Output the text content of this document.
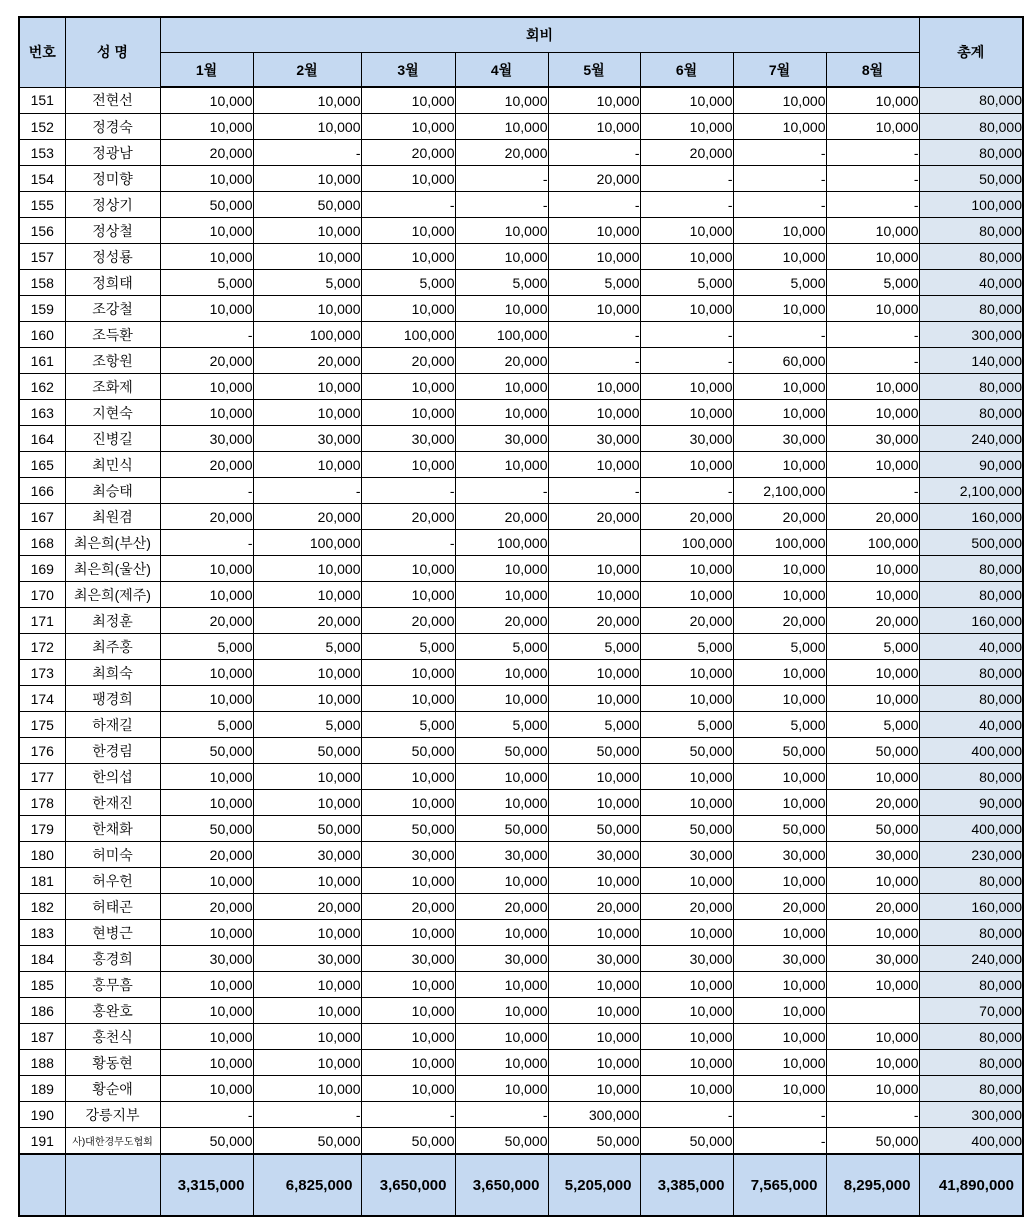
번호	성 명	회비								총계
		1월	2월	3월	4월	5월	6월	7월	8월	
151	전현선	10,000	10,000	10,000	10,000	10,000	10,000	10,000	10,000	80,000
152	정경숙	10,000	10,000	10,000	10,000	10,000	10,000	10,000	10,000	80,000
153	정광남	20,000	-	20,000	20,000	-	20,000	-	-	80,000
154	정미향	10,000	10,000	10,000	-	20,000	-	-	-	50,000
155	정상기	50,000	50,000	-	-	-	-	-	-	100,000
156	정상철	10,000	10,000	10,000	10,000	10,000	10,000	10,000	10,000	80,000
157	정성룡	10,000	10,000	10,000	10,000	10,000	10,000	10,000	10,000	80,000
158	정희태	5,000	5,000	5,000	5,000	5,000	5,000	5,000	5,000	40,000
159	조강철	10,000	10,000	10,000	10,000	10,000	10,000	10,000	10,000	80,000
160	조득환	-	100,000	100,000	100,000	-	-	-	-	300,000
161	조항원	20,000	20,000	20,000	20,000	-	-	60,000	-	140,000
162	조화제	10,000	10,000	10,000	10,000	10,000	10,000	10,000	10,000	80,000
163	지현숙	10,000	10,000	10,000	10,000	10,000	10,000	10,000	10,000	80,000
164	진병길	30,000	30,000	30,000	30,000	30,000	30,000	30,000	30,000	240,000
165	최민식	20,000	10,000	10,000	10,000	10,000	10,000	10,000	10,000	90,000
166	최승태	-	-	-	-	-	-	2,100,000	-	2,100,000
167	최원겸	20,000	20,000	20,000	20,000	20,000	20,000	20,000	20,000	160,000
168	최은희(부산)	-	100,000	-	100,000		100,000	100,000	100,000	500,000
169	최은희(울산)	10,000	10,000	10,000	10,000	10,000	10,000	10,000	10,000	80,000
170	최은희(제주)	10,000	10,000	10,000	10,000	10,000	10,000	10,000	10,000	80,000
171	최정훈	20,000	20,000	20,000	20,000	20,000	20,000	20,000	20,000	160,000
172	최주홍	5,000	5,000	5,000	5,000	5,000	5,000	5,000	5,000	40,000
173	최희숙	10,000	10,000	10,000	10,000	10,000	10,000	10,000	10,000	80,000
174	팽경희	10,000	10,000	10,000	10,000	10,000	10,000	10,000	10,000	80,000
175	하재길	5,000	5,000	5,000	5,000	5,000	5,000	5,000	5,000	40,000
176	한경림	50,000	50,000	50,000	50,000	50,000	50,000	50,000	50,000	400,000
177	한의섭	10,000	10,000	10,000	10,000	10,000	10,000	10,000	10,000	80,000
178	한재진	10,000	10,000	10,000	10,000	10,000	10,000	10,000	20,000	90,000
179	한채화	50,000	50,000	50,000	50,000	50,000	50,000	50,000	50,000	400,000
180	허미숙	20,000	30,000	30,000	30,000	30,000	30,000	30,000	30,000	230,000
181	허우헌	10,000	10,000	10,000	10,000	10,000	10,000	10,000	10,000	80,000
182	허태곤	20,000	20,000	20,000	20,000	20,000	20,000	20,000	20,000	160,000
183	현병근	10,000	10,000	10,000	10,000	10,000	10,000	10,000	10,000	80,000
184	홍경희	30,000	30,000	30,000	30,000	30,000	30,000	30,000	30,000	240,000
185	홍무흠	10,000	10,000	10,000	10,000	10,000	10,000	10,000	10,000	80,000
186	홍완호	10,000	10,000	10,000	10,000	10,000	10,000	10,000		70,000
187	홍천식	10,000	10,000	10,000	10,000	10,000	10,000	10,000	10,000	80,000
188	황동현	10,000	10,000	10,000	10,000	10,000	10,000	10,000	10,000	80,000
189	황순애	10,000	10,000	10,000	10,000	10,000	10,000	10,000	10,000	80,000
190	강릉지부	-	-	-	-	300,000	-	-	-	300,000
191	사)대한경무도협회	50,000	50,000	50,000	50,000	50,000	50,000	-	50,000	400,000
		3,315,000	6,825,000	3,650,000	3,650,000	5,205,000	3,385,000	7,565,000	8,295,000	41,890,000
